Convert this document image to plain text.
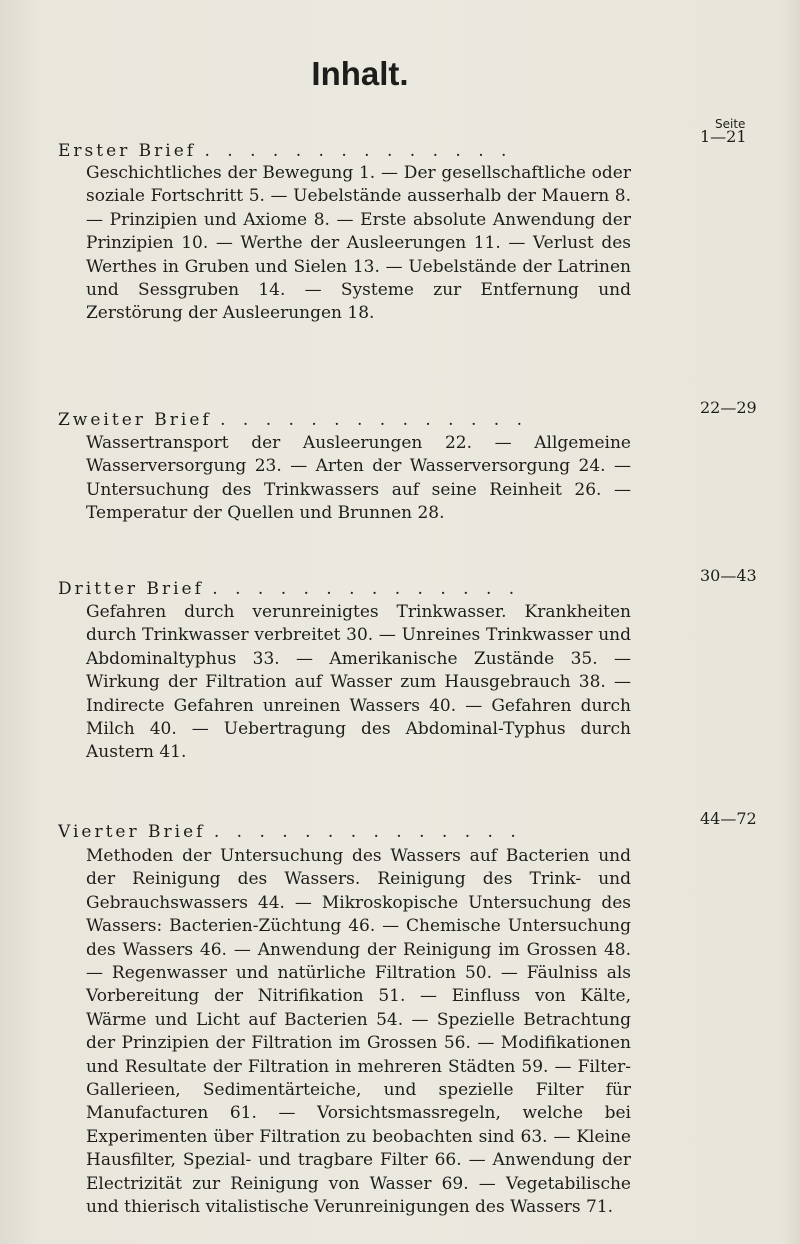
Inhalt.
Seite
Erster Brief . . . . . . . . . . . . . .
1—21
Geschichtliches der Bewegung 1. — Der gesellschaftliche oder soziale Fortschritt 5. — Uebelstände ausserhalb der Mauern 8. — Prinzipien und Axiome 8. — Erste absolute Anwendung der Prinzipien 10. — Werthe der Ausleerungen 11. — Verlust des Werthes in Gruben und Sielen 13. — Uebelstände der Latrinen und Sessgruben 14. — Systeme zur Entfernung und Zerstörung der Ausleerungen 18.
Zweiter Brief . . . . . . . . . . . . . .
22—29
Wassertransport der Ausleerungen 22. — Allgemeine Wasserversorgung 23. — Arten der Wasserversorgung 24. — Untersuchung des Trinkwassers auf seine Reinheit 26. — Temperatur der Quellen und Brunnen 28.
Dritter Brief . . . . . . . . . . . . . .
30—43
Gefahren durch verunreinigtes Trinkwasser. Krankheiten durch Trinkwasser verbreitet 30. — Unreines Trinkwasser und Abdominaltyphus 33. — Amerikanische Zustände 35. — Wirkung der Filtration auf Wasser zum Hausgebrauch 38. — Indirecte Gefahren unreinen Wassers 40. — Gefahren durch Milch 40. — Uebertragung des Abdominal-Typhus durch Austern 41.
Vierter Brief . . . . . . . . . . . . . .
44—72
Methoden der Untersuchung des Wassers auf Bacterien und der Reinigung des Wassers. Reinigung des Trink- und Gebrauchswassers 44. — Mikroskopische Untersuchung des Wassers: Bacterien-Züchtung 46. — Chemische Untersuchung des Wassers 46. — Anwendung der Reinigung im Grossen 48. — Regenwasser und natürliche Filtration 50. — Fäulniss als Vorbereitung der Nitrifikation 51. — Einfluss von Kälte, Wärme und Licht auf Bacterien 54. — Spezielle Betrachtung der Prinzipien der Filtration im Grossen 56. — Modifikationen und Resultate der Filtration in mehreren Städten 59. — Filter-Gallerieen, Sedimentärteiche, und spezielle Filter für Manufacturen 61. — Vorsichtsmassregeln, welche bei Experimenten über Filtration zu beobachten sind 63. — Kleine Hausfilter, Spezial- und tragbare Filter 66. — Anwendung der Electrizität zur Reinigung von Wasser 69. — Vegetabilische und thierisch vitalistische Verunreinigungen des Wassers 71.
